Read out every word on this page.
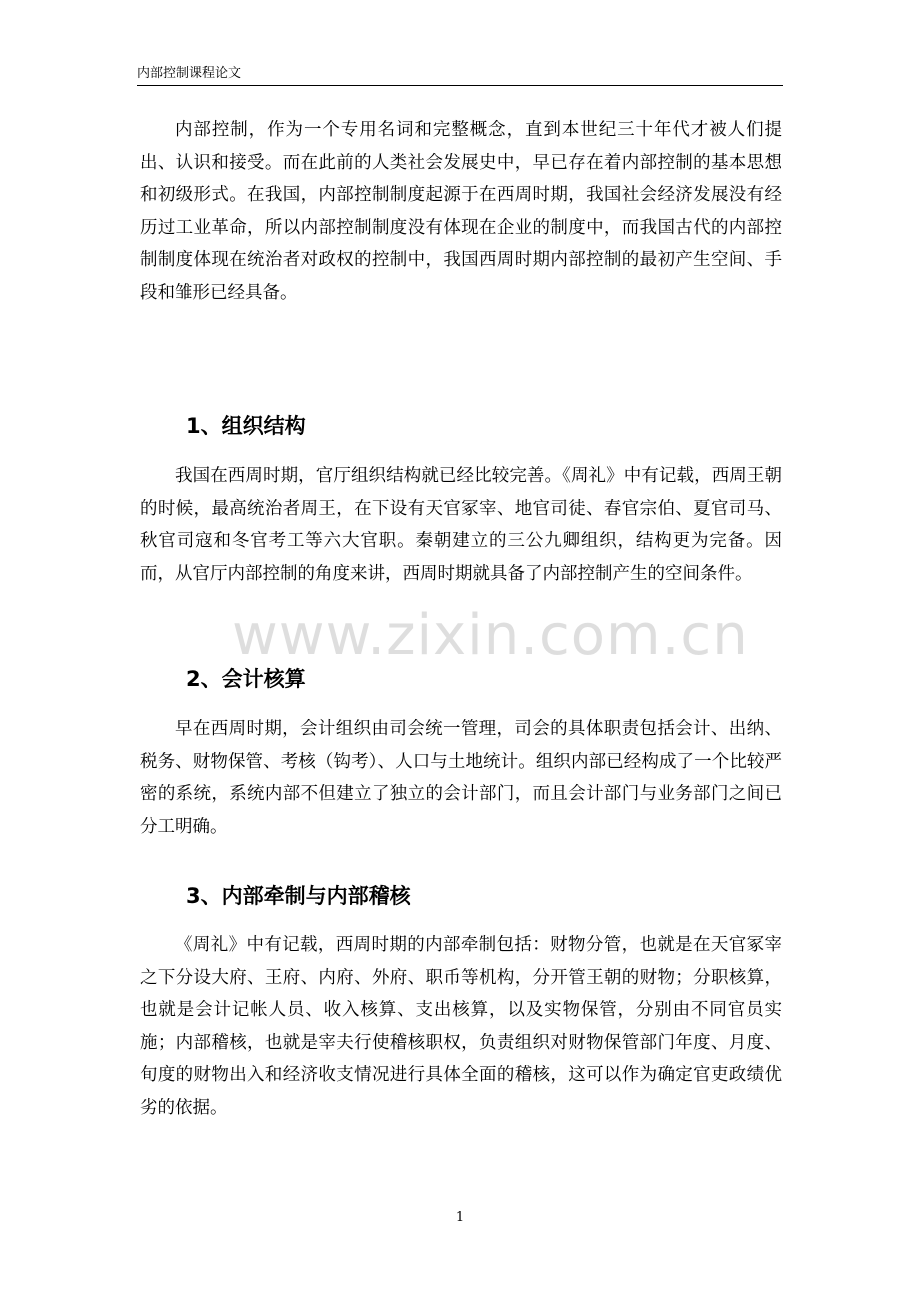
内部控制课程论文

内部控制，作为一个专用名词和完整概念，直到本世纪三十年代才被人们提出、认识和接受。而在此前的人类社会发展史中，早已存在着内部控制的基本思想和初级形式。在我国，内部控制制度起源于在西周时期，我国社会经济发展没有经历过工业革命，所以内部控制制度没有体现在企业的制度中，而我国古代的内部控制制度体现在统治者对政权的控制中，我国西周时期内部控制的最初产生空间、手段和雏形已经具备。

1、组织结构

我国在西周时期，官厅组织结构就已经比较完善。《周礼》中有记载，西周王朝的时候，最高统治者周王，在下设有天官冢宰、地官司徒、春官宗伯、夏官司马、秋官司寇和冬官考工等六大官职。秦朝建立的三公九卿组织，结构更为完备。因而，从官厅内部控制的角度来讲，西周时期就具备了内部控制产生的空间条件。

www.zixin.com.cn
2、会计核算

早在西周时期，会计组织由司会统一管理，司会的具体职责包括会计、出纳、税务、财物保管、考核（钩考）、人口与土地统计。组织内部已经构成了一个比较严密的系统，系统内部不但建立了独立的会计部门，而且会计部门与业务部门之间已分工明确。

3、内部牵制与内部稽核

《周礼》中有记载，西周时期的内部牵制包括：财物分管，也就是在天官冢宰之下分设大府、王府、内府、外府、职币等机构，分开管王朝的财物；分职核算，也就是会计记帐人员、收入核算、支出核算，以及实物保管，分别由不同官员实施；内部稽核，也就是宰夫行使稽核职权，负责组织对财物保管部门年度、月度、旬度的财物出入和经济收支情况进行具体全面的稽核，这可以作为确定官吏政绩优劣的依据。

1
